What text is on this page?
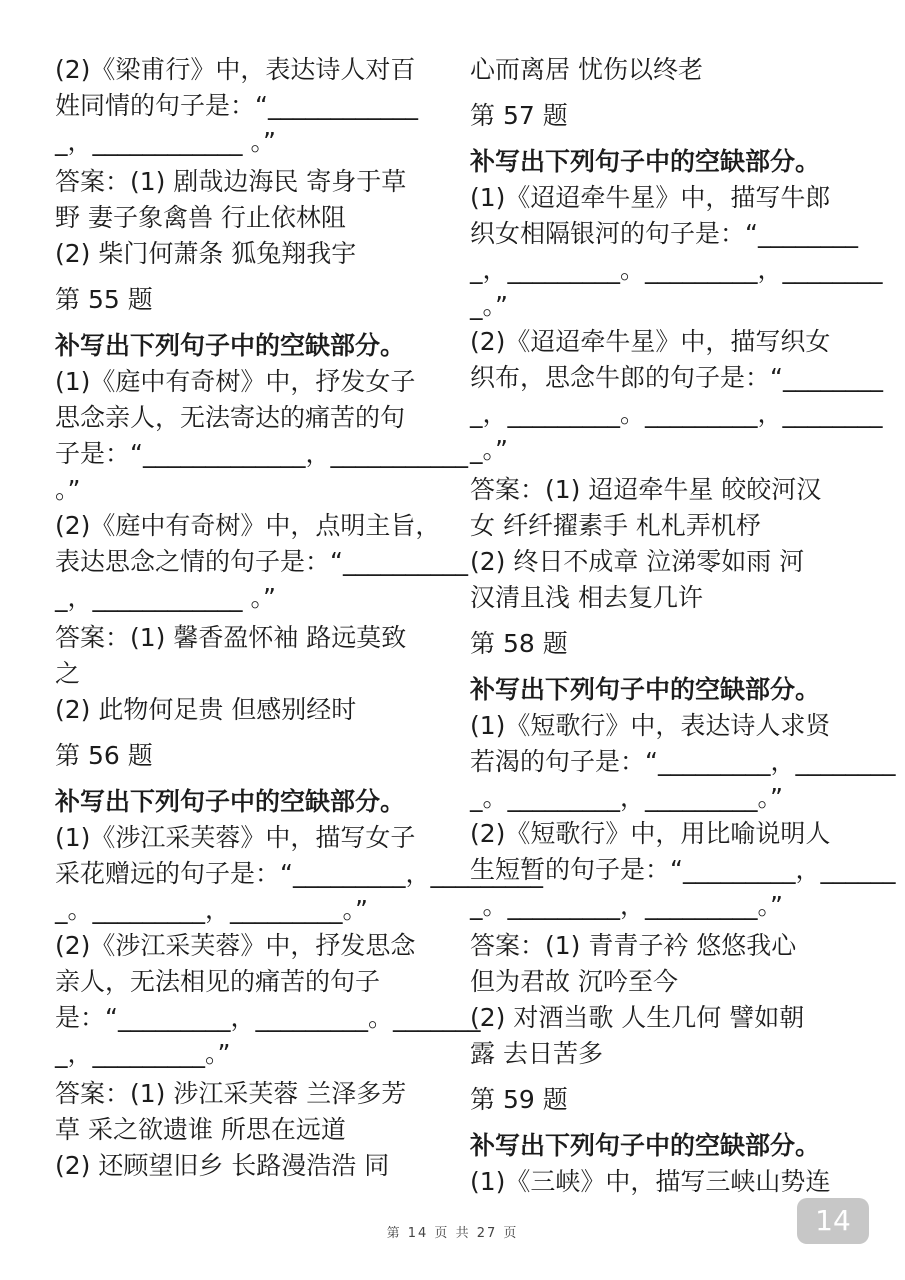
(2)《梁甫行》中，表达诗人对百
姓同情的句子是：“____________
_，____________ 。”
答案：(1) 剧哉边海民 寄身于草
野 妻子象禽兽 行止依林阻
(2) 柴门何萧条 狐兔翔我宇
第 55 题
补写出下列句子中的空缺部分。
(1)《庭中有奇树》中，抒发女子
思念亲人，无法寄达的痛苦的句
子是：“_____________，___________
。”
(2)《庭中有奇树》中，点明主旨，
表达思念之情的句子是：“__________
_，____________ 。”
答案：(1) 馨香盈怀袖 路远莫致
之
(2) 此物何足贵 但感别经时
第 56 题
补写出下列句子中的空缺部分。
(1)《涉江采芙蓉》中，描写女子
采花赠远的句子是：“_________，_________
_。_________，_________。”
(2)《涉江采芙蓉》中，抒发思念
亲人，无法相见的痛苦的句子
是：“_________，_________。_______
_，_________。”
答案：(1) 涉江采芙蓉 兰泽多芳
草 采之欲遗谁 所思在远道
(2) 还顾望旧乡 长路漫浩浩 同
心而离居 忧伤以终老
第 57 题
补写出下列句子中的空缺部分。
(1)《迢迢牵牛星》中，描写牛郎
织女相隔银河的句子是：“________
_，_________。_________，________
_。”
(2)《迢迢牵牛星》中，描写织女
织布，思念牛郎的句子是：“________
_，_________。_________，________
_。”
答案：(1) 迢迢牵牛星 皎皎河汉
女 纤纤擢素手 札札弄机杼
(2) 终日不成章 泣涕零如雨 河
汉清且浅 相去复几许
第 58 题
补写出下列句子中的空缺部分。
(1)《短歌行》中，表达诗人求贤
若渴的句子是：“_________，________
_。_________，_________。”
(2)《短歌行》中，用比喻说明人
生短暂的句子是：“_________，______
_。_________，_________。”
答案：(1) 青青子衿 悠悠我心
但为君故 沉吟至今
(2) 对酒当歌 人生几何 譬如朝
露 去日苦多
第 59 题
补写出下列句子中的空缺部分。
(1)《三峡》中，描写三峡山势连
第 14 页 共 27 页	14
